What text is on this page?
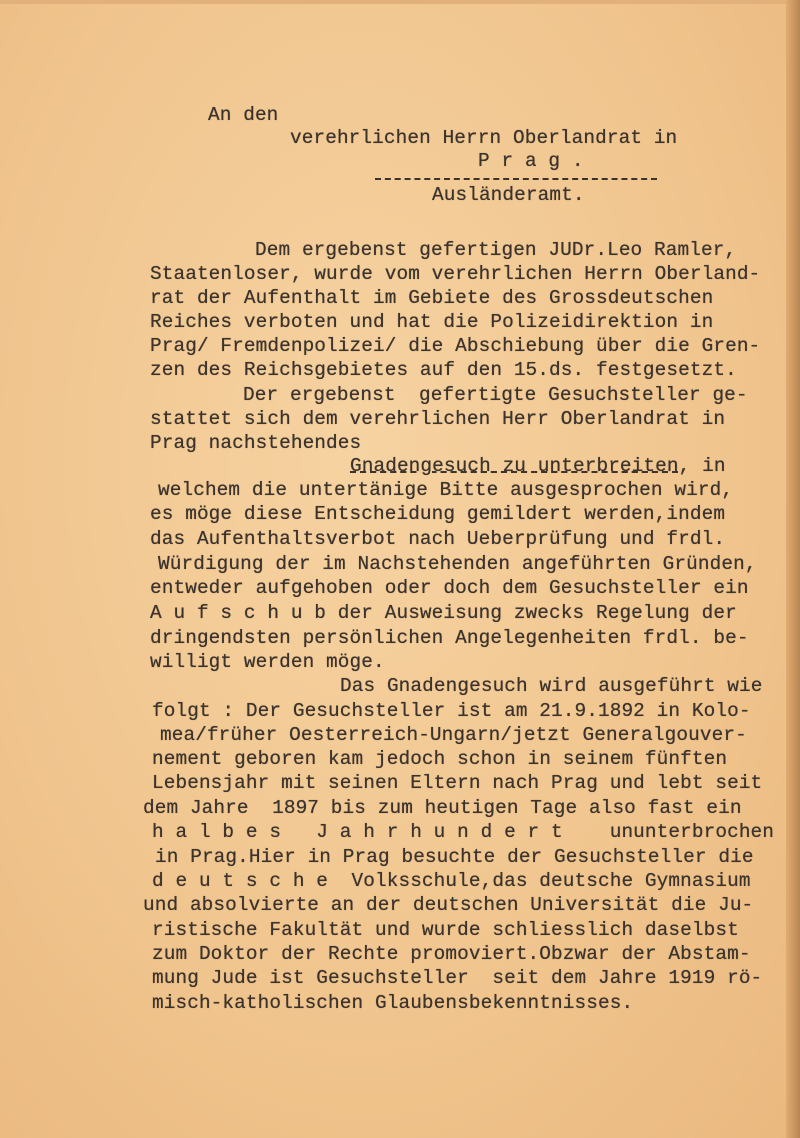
An den
verehrlichen Herrn Oberlandrat in
P r a g .
Ausländeramt.
Dem ergebenst gefertigen JUDr.Leo Ramler,
Staatenloser, wurde vom verehrlichen Herrn Oberland-
rat der Aufenthalt im Gebiete des Grossdeutschen
Reiches verboten und hat die Polizeidirektion in
Prag/ Fremdenpolizei/ die Abschiebung über die Gren-
zen des Reichsgebietes auf den 15.ds. festgesetzt.
Der ergebenst  gefertigte Gesuchsteller ge-
stattet sich dem verehrlichen Herr Oberlandrat in
Prag nachstehendes
Gnadengesuch zu unterbreiten, in
welchem die untertänige Bitte ausgesprochen wird,
es möge diese Entscheidung gemildert werden,indem
das Aufenthaltsverbot nach Ueberprüfung und frdl.
Würdigung der im Nachstehenden angeführten Gründen,
entweder aufgehoben oder doch dem Gesuchsteller ein
A u f s c h u b der Ausweisung zwecks Regelung der
dringendsten persönlichen Angelegenheiten frdl. be-
willigt werden möge.
Das Gnadengesuch wird ausgeführt wie
folgt : Der Gesuchsteller ist am 21.9.1892 in Kolo-
mea/früher Oesterreich-Ungarn/jetzt Generalgouver-
nement geboren kam jedoch schon in seinem fünften
Lebensjahr mit seinen Eltern nach Prag und lebt seit
dem Jahre  1897 bis zum heutigen Tage also fast ein
h a l b e s   J a h r h u n d e r t    ununterbrochen
in Prag.Hier in Prag besuchte der Gesuchsteller die
d e u t s c h e  Volksschule,das deutsche Gymnasium
und absolvierte an der deutschen Universität die Ju-
ristische Fakultät und wurde schliesslich daselbst
zum Doktor der Rechte promoviert.Obzwar der Abstam-
mung Jude ist Gesuchsteller  seit dem Jahre 1919 rö-
misch-katholischen Glaubensbekenntnisses.
